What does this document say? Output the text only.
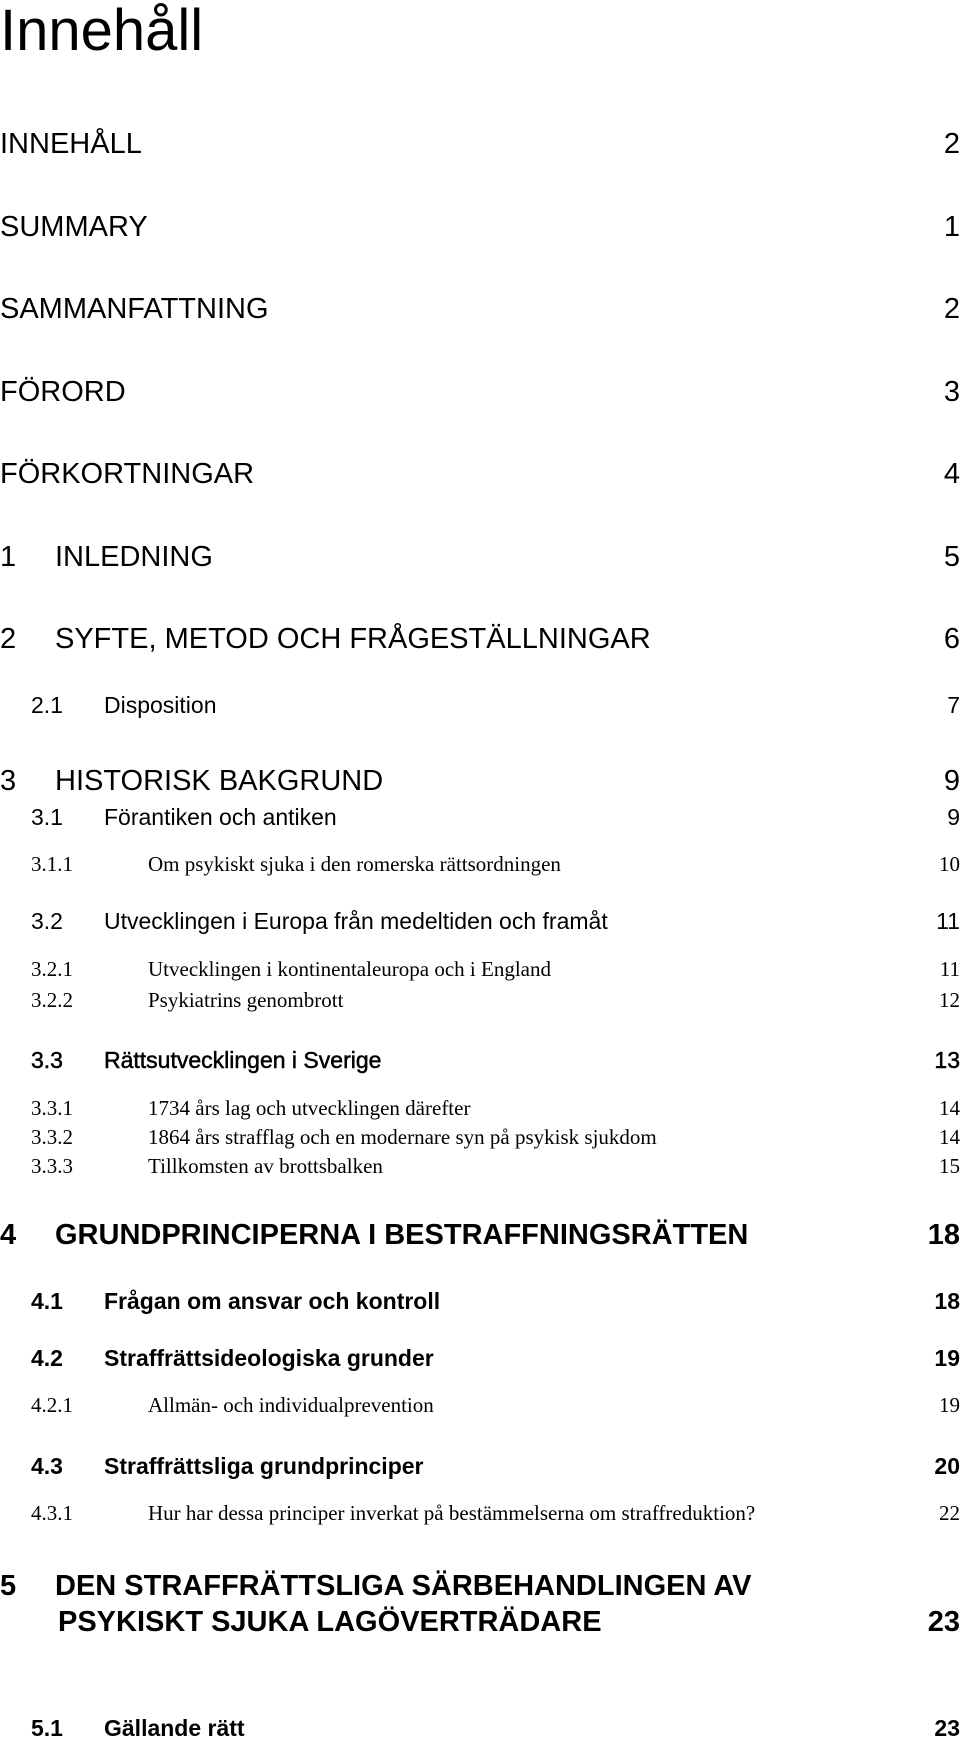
Innehåll
INNEHÅLL	2
SUMMARY	1
SAMMANFATTNING	2
FÖRORD	3
FÖRKORTNINGAR	4
1 INLEDNING	5
2 SYFTE, METOD OCH FRÅGESTÄLLNINGAR	6
2.1 Disposition	7
3 HISTORISK BAKGRUND	9
3.1 Förantiken och antiken	9
3.1.1	Om psykiskt sjuka i den romerska rättsordningen	10
3.2 Utvecklingen i Europa från medeltiden och framåt	11
3.2.1	Utvecklingen i kontinentaleuropa och i England	11
3.2.2	Psykiatrins genombrott	12
3.3 Rättsutvecklingen i Sverige	13
3.3.1	1734 års lag och utvecklingen därefter	14
3.3.2	1864 års strafflag och en modernare syn på psykisk sjukdom	14
3.3.3	Tillkomsten av brottsbalken	15
4 GRUNDPRINCIPERNA I BESTRAFFNINGSRÄTTEN	18
4.1 Frågan om ansvar och kontroll	18
4.2 Straffrättsideologiska grunder	19
4.2.1	Allmän- och individualprevention	19
4.3 Straffrättsliga grundprinciper	20
4.3.1	Hur har dessa principer inverkat på bestämmelserna om straffreduktion?	22
5 DEN STRAFFRÄTTSLIGA SÄRBEHANDLINGEN AV
PSYKISKT SJUKA LAGÖVERTRÄDARE	23
5.1 Gällande rätt	23
